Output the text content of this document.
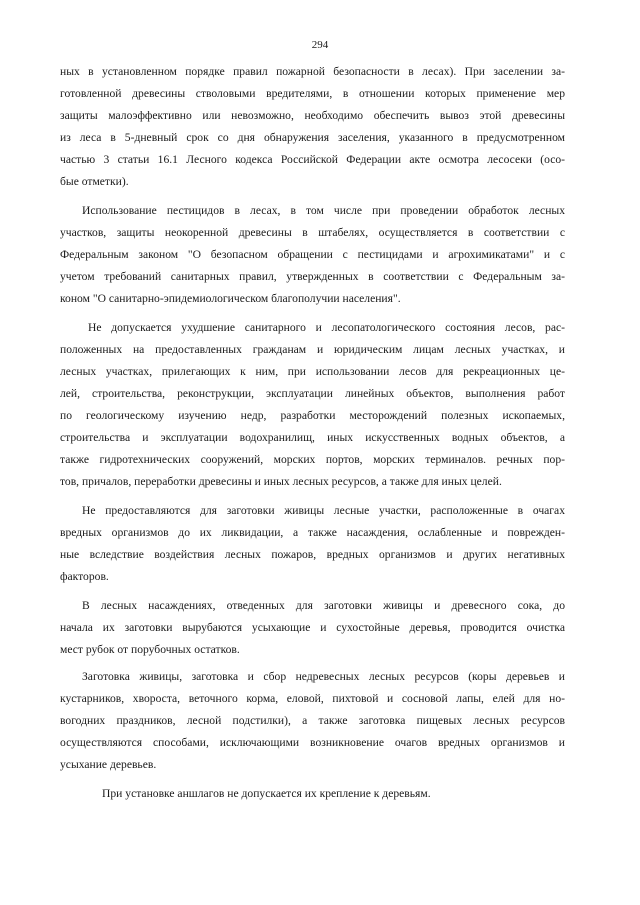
294
ных в установленном порядке правил пожарной безопасности в лесах). При заселении за-
готовленной древесины стволовыми вредителями, в отношении которых применение мер
защиты малоэффективно или невозможно, необходимо обеспечить вывоз этой древесины
из леса в 5-дневный срок со дня обнаружения заселения, указанного в предусмотренном
частью 3 статьи 16.1 Лесного кодекса Российской Федерации акте осмотра лесосеки (осо-
бые отметки).
Использование пестицидов в лесах, в том числе при проведении обработок лесных
участков, защиты неокоренной древесины в штабелях, осуществляется в соответствии с
Федеральным законом "О безопасном обращении с пестицидами и агрохимикатами" и с
учетом требований санитарных правил, утвержденных в соответствии с Федеральным за-
коном "О санитарно-эпидемиологическом благополучии населения".
Не допускается ухудшение санитарного и лесопатологического состояния лесов, рас-
положенных на предоставленных гражданам и юридическим лицам лесных участках, и
лесных участках, прилегающих к ним, при использовании лесов для рекреационных це-
лей, строительства, реконструкции, эксплуатации линейных объектов, выполнения работ
по геологическому изучению недр, разработки месторождений полезных ископаемых,
строительства и эксплуатации водохранилищ, иных искусственных водных объектов, а
также гидротехнических сооружений, морских портов, морских терминалов. речных пор-
тов, причалов, переработки древесины и иных лесных ресурсов, а также для иных целей.
Не предоставляются для заготовки живицы лесные участки, расположенные в очагах
вредных организмов до их ликвидации, а также насаждения, ослабленные и поврежден-
ные вследствие воздействия лесных пожаров, вредных организмов и других негативных
факторов.
В лесных насаждениях, отведенных для заготовки живицы и древесного сока, до
начала их заготовки вырубаются усыхающие и сухостойные деревья, проводится очистка
мест рубок от порубочных остатков.
Заготовка живицы, заготовка и сбор недревесных лесных ресурсов (коры деревьев и
кустарников, хвороста, веточного корма, еловой, пихтовой и сосновой лапы, елей для но-
вогодних праздников, лесной подстилки), а также заготовка пищевых лесных ресурсов
осуществляются способами, исключающими возникновение очагов вредных организмов и
усыхание деревьев.
При установке аншлагов не допускается их крепление к деревьям.
